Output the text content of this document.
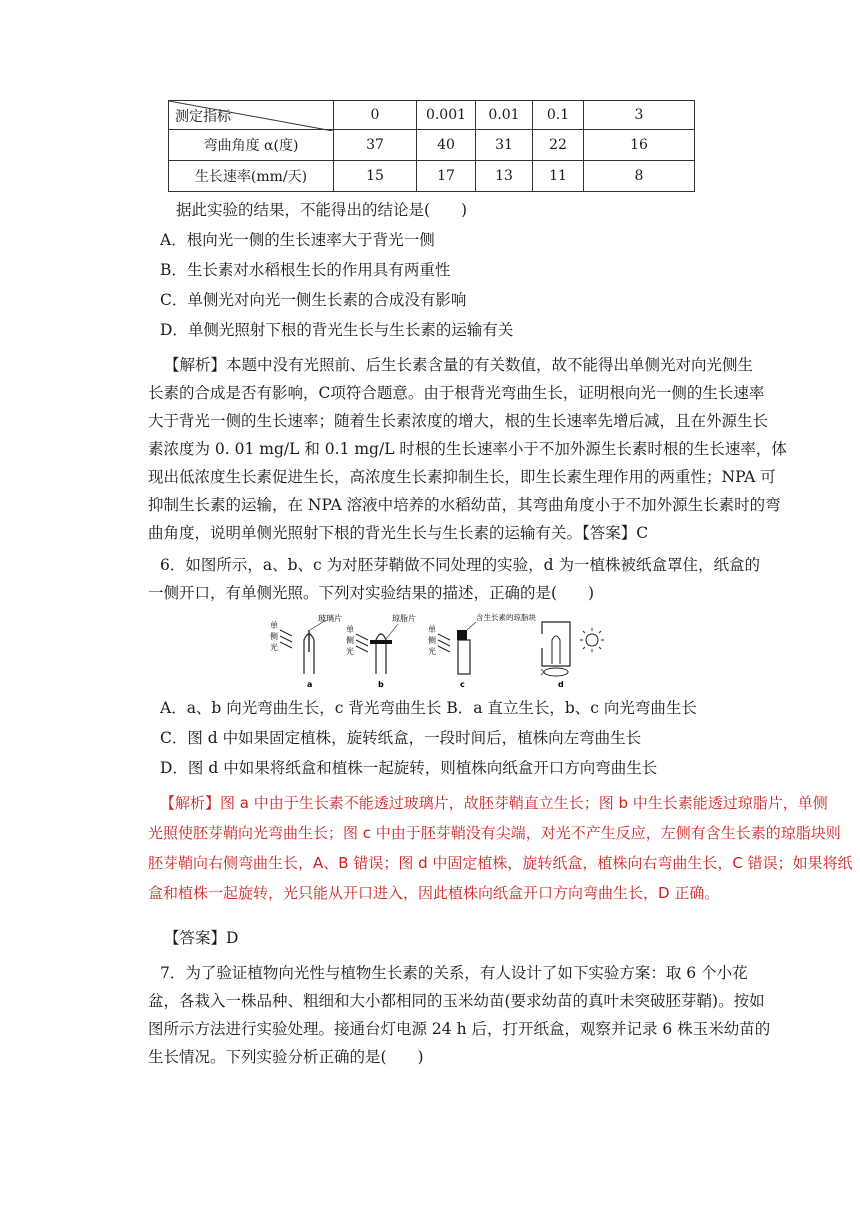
测定指标	0	0.001	0.01	0.1	3
弯曲角度 α(度)	37	40	31	22	16
生长速率(mm/天)	15	17	13	11	8
据此实验的结果，不能得出的结论是(　　)
A．根向光一侧的生长速率大于背光一侧
B．生长素对水稻根生长的作用具有两重性
C．单侧光对向光一侧生长素的合成没有影响
D．单侧光照射下根的背光生长与生长素的运输有关
【解析】本题中没有光照前、后生长素含量的有关数值，故不能得出单侧光对向光侧生
长素的合成是否有影响，C项符合题意。由于根背光弯曲生长，证明根向光一侧的生长速率
大于背光一侧的生长速率；随着生长素浓度的增大，根的生长速率先增后减，且在外源生长
素浓度为 0. 01 mg/L 和 0.1 mg/L 时根的生长速率小于不加外源生长素时根的生长速率，体
现出低浓度生长素促进生长，高浓度生长素抑制生长，即生长素生理作用的两重性；NPA 可
抑制生长素的运输，在 NPA 溶液中培养的水稻幼苗，其弯曲角度小于不加外源生长素时的弯
曲角度，说明单侧光照射下根的背光生长与生长素的运输有关。【答案】C
6．如图所示，a、b、c 为对胚芽鞘做不同处理的实验，d 为一植株被纸盒罩住，纸盒的
一侧开口，有单侧光照。下列对实验结果的描述，正确的是(　　)
单
侧
光
玻璃片
a
单
侧
光
琼脂片
b
单
侧
光
含生长素的琼脂块
c	d
A．a、b 向光弯曲生长，c 背光弯曲生长 B．a 直立生长，b、c 向光弯曲生长
C．图 d 中如果固定植株，旋转纸盒，一段时间后，植株向左弯曲生长
D．图 d 中如果将纸盒和植株一起旋转，则植株向纸盒开口方向弯曲生长
【解析】图 a 中由于生长素不能透过玻璃片，故胚芽鞘直立生长；图 b 中生长素能透过琼脂片，单侧
光照使胚芽鞘向光弯曲生长；图 c 中由于胚芽鞘没有尖端，对光不产生反应，左侧有含生长素的琼脂块则
胚芽鞘向右侧弯曲生长，A、B 错误；图 d 中固定植株，旋转纸盒，植株向右弯曲生长，C 错误；如果将纸
盒和植株一起旋转，光只能从开口进入，因此植株向纸盒开口方向弯曲生长，D 正确。
【答案】D
7．为了验证植物向光性与植物生长素的关系，有人设计了如下实验方案：取 6 个小花
盆，各栽入一株品种、粗细和大小都相同的玉米幼苗(要求幼苗的真叶未突破胚芽鞘)。按如
图所示方法进行实验处理。接通台灯电源 24 h 后，打开纸盒，观察并记录 6 株玉米幼苗的
生长情况。下列实验分析正确的是(　　)
